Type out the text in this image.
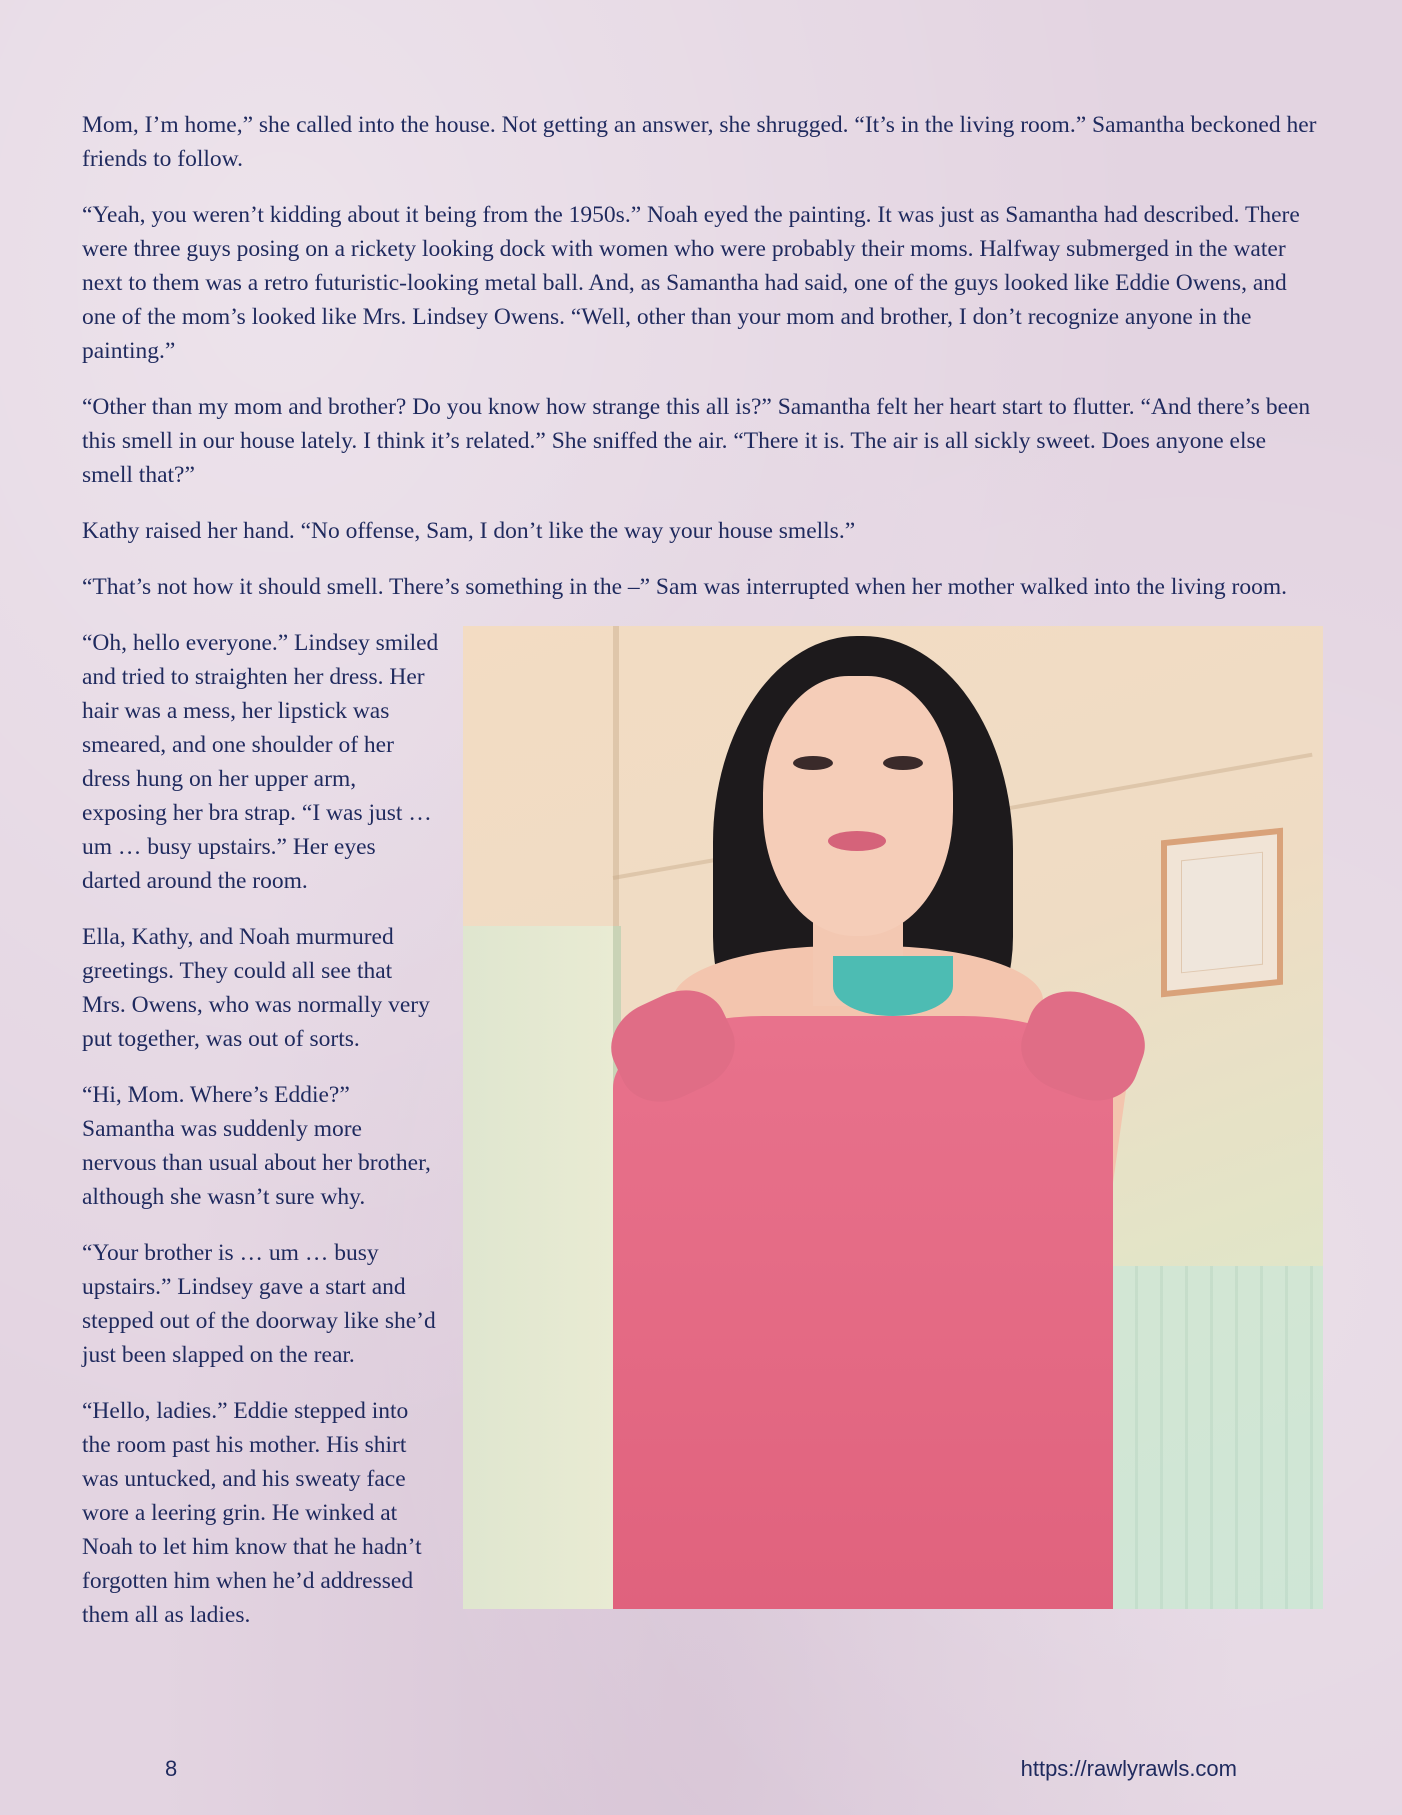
Mom, I’m home,” she called into the house. Not getting an answer, she shrugged. “It’s in the living room.” Samantha beckoned her friends to follow.

“Yeah, you weren’t kidding about it being from the 1950s.” Noah eyed the painting. It was just as Samantha had described. There were three guys posing on a rickety looking dock with women who were probably their moms. Halfway submerged in the water next to them was a retro futuristic-looking metal ball. And, as Samantha had said, one of the guys looked like Eddie Owens, and one of the mom’s looked like Mrs. Lindsey Owens. “Well, other than your mom and brother, I don’t recognize anyone in the painting.”

“Other than my mom and brother? Do you know how strange this all is?” Samantha felt her heart start to flutter. “And there’s been this smell in our house lately. I think it’s related.” She sniffed the air. “There it is. The air is all sickly sweet. Does anyone else smell that?”

Kathy raised her hand. “No offense, Sam, I don’t like the way your house smells.”

“That’s not how it should smell. There’s something in the –” Sam was interrupted when her mother walked into the living room.

“Oh, hello everyone.” Lindsey smiled and tried to straighten her dress. Her hair was a mess, her lipstick was smeared, and one shoulder of her dress hung on her upper arm, exposing her bra strap. “I was just … um … busy upstairs.” Her eyes darted around the room.

Ella, Kathy, and Noah murmured greetings. They could all see that Mrs. Owens, who was normally very put together, was out of sorts.

“Hi, Mom. Where’s Eddie?” Samantha was suddenly more nervous than usual about her brother, although she wasn’t sure why.

“Your brother is … um … busy upstairs.” Lindsey gave a start and stepped out of the doorway like she’d just been slapped on the rear.

“Hello, ladies.” Eddie stepped into the room past his mother. His shirt was untucked, and his sweaty face wore a leering grin. He winked at Noah to let him know that he hadn’t forgotten him when he’d addressed them all as ladies.

8	https://rawlyrawls.com
